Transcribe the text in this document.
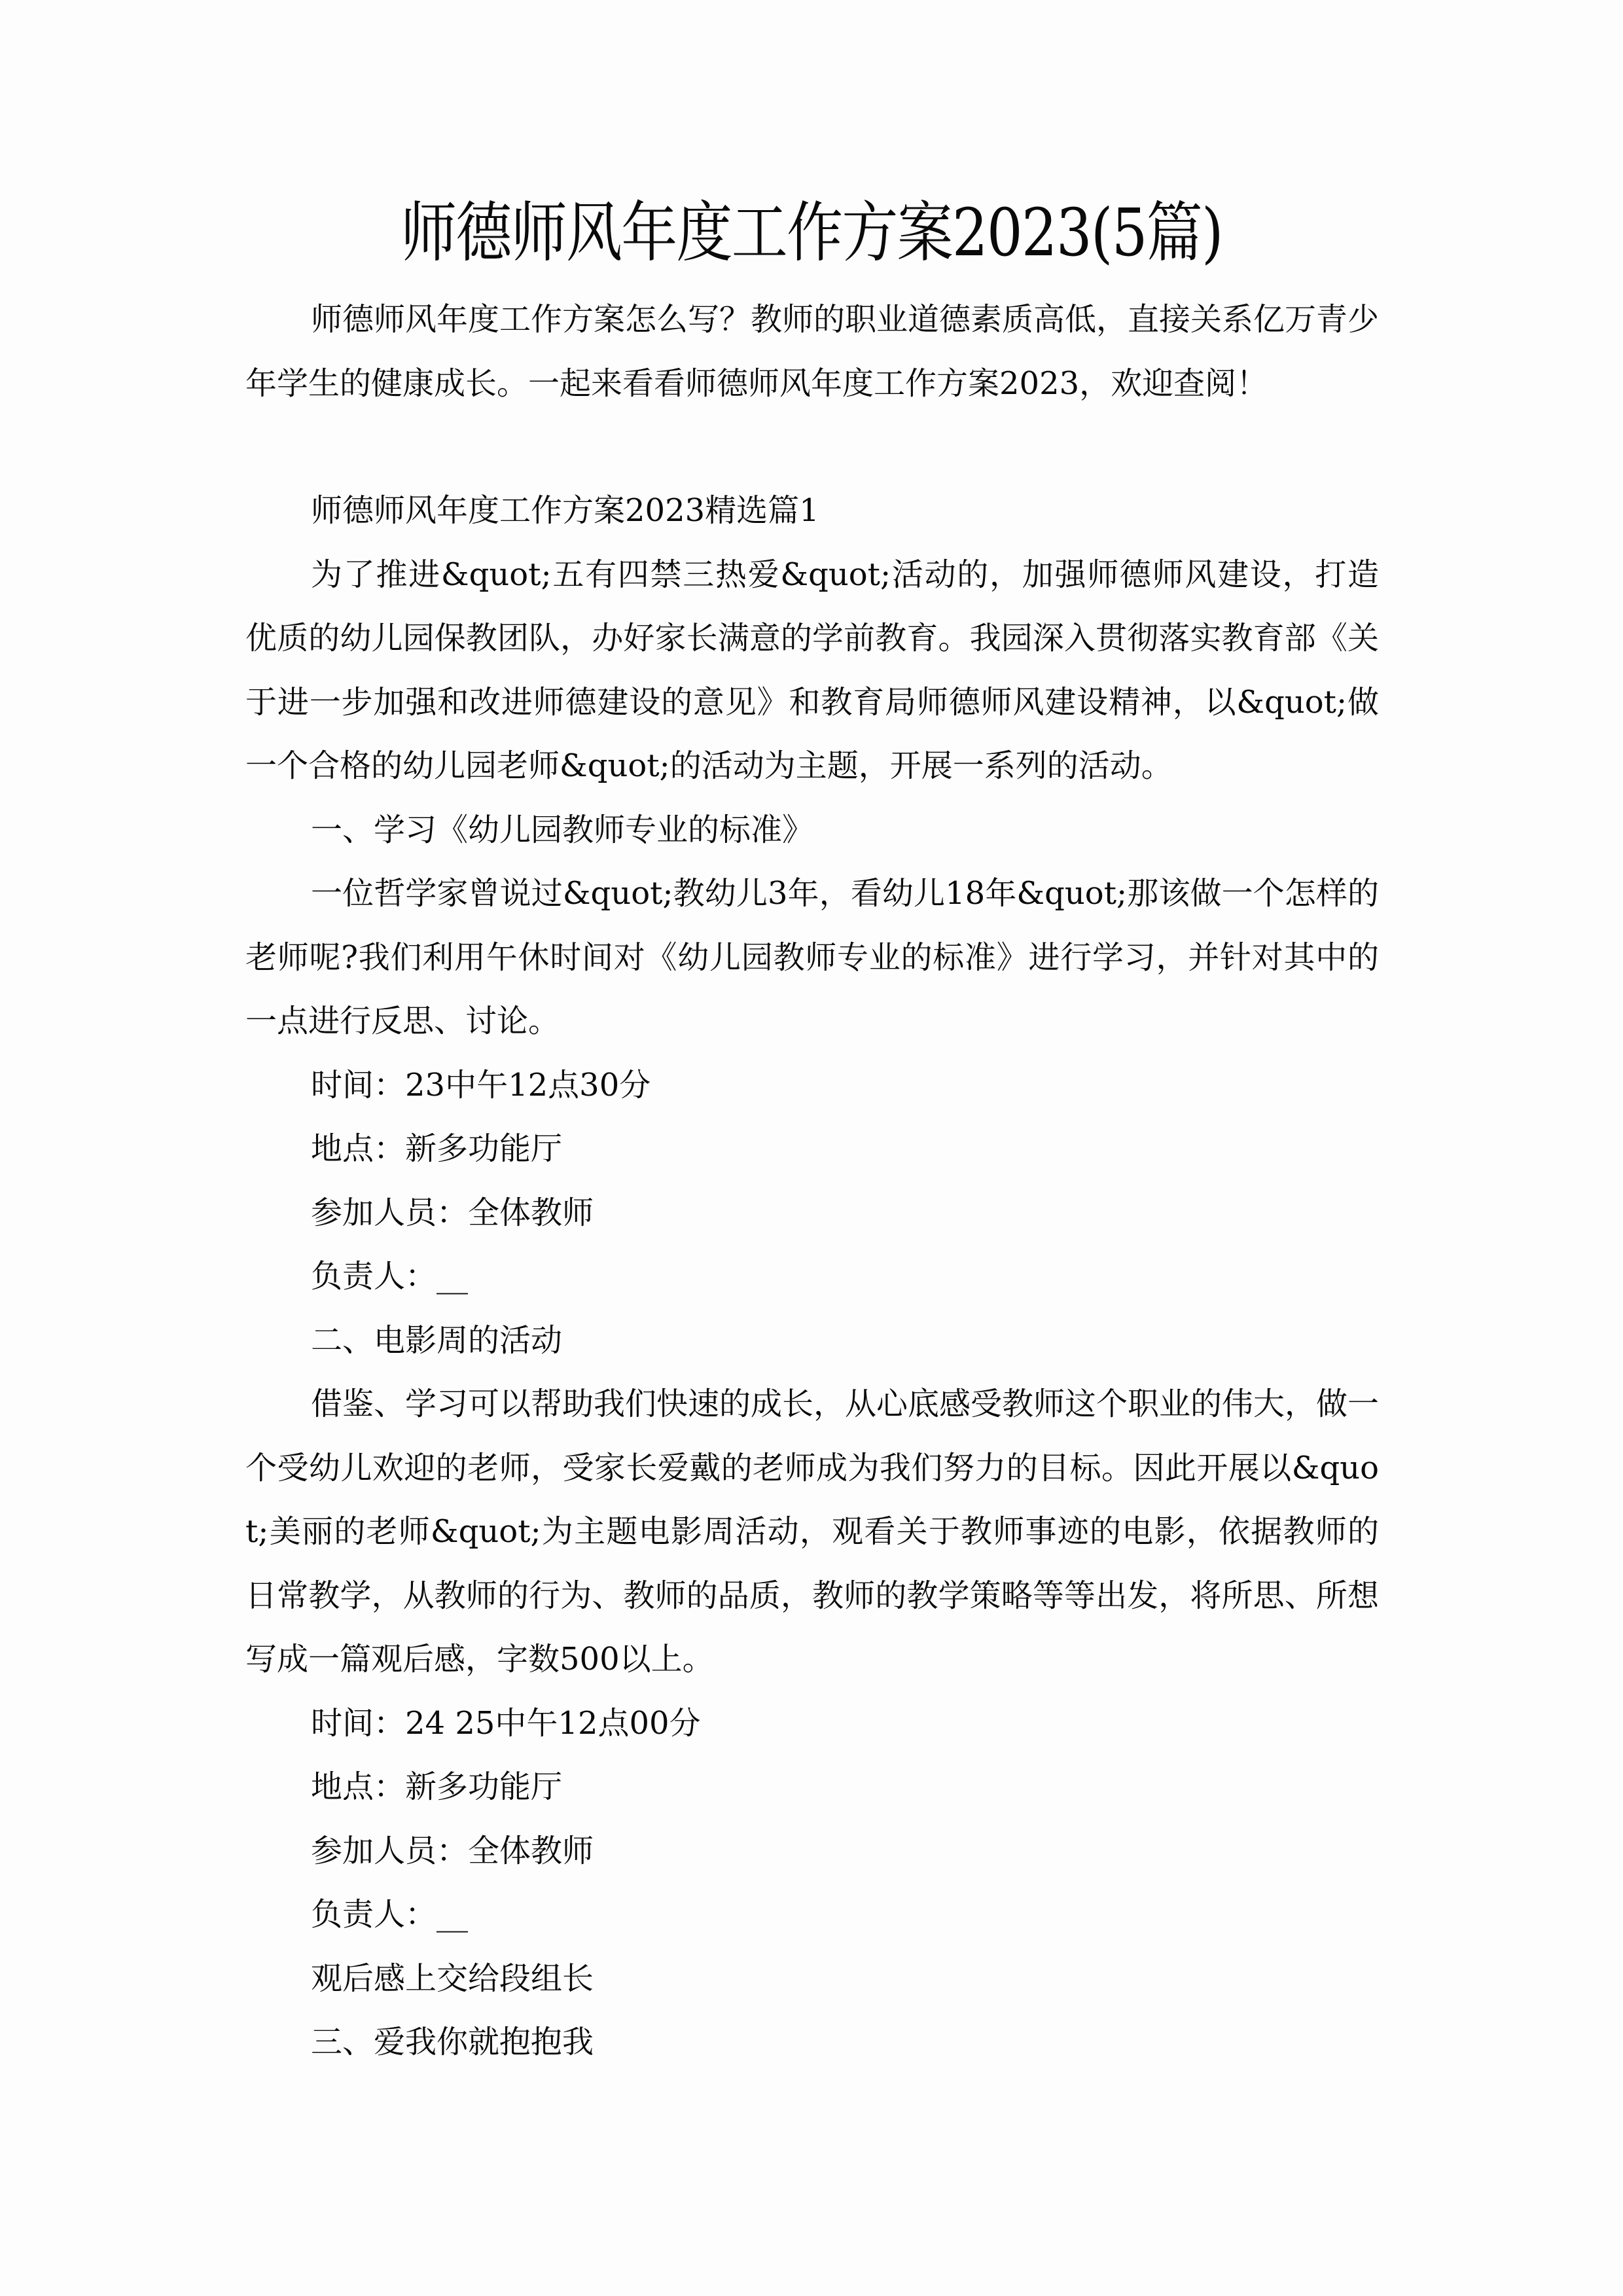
师德师风年度工作方案2023(5篇)

师德师风年度工作方案怎么写？教师的职业道德素质高低，直接关系亿万青少年学生的健康成长。一起来看看师德师风年度工作方案2023，欢迎查阅！

师德师风年度工作方案2023精选篇1

为了推进&quot;五有四禁三热爱&quot;活动的，加强师德师风建设，打造优质的幼儿园保教团队，办好家长满意的学前教育。我园深入贯彻落实教育部《关于进一步加强和改进师德建设的意见》和教育局师德师风建设精神，以&quot;做一个合格的幼儿园老师&quot;的活动为主题，开展一系列的活动。

一、学习《幼儿园教师专业的标准》

一位哲学家曾说过&quot;教幼儿3年，看幼儿18年&quot;那该做一个怎样的老师呢?我们利用午休时间对《幼儿园教师专业的标准》进行学习，并针对其中的一点进行反思、讨论。

时间：23中午12点30分

地点：新多功能厅

参加人员：全体教师

负责人：__

二、电影周的活动

借鉴、学习可以帮助我们快速的成长，从心底感受教师这个职业的伟大，做一个受幼儿欢迎的老师，受家长爱戴的老师成为我们努力的目标。因此开展以&quot;美丽的老师&quot;为主题电影周活动，观看关于教师事迹的电影，依据教师的日常教学，从教师的行为、教师的品质，教师的教学策略等等出发，将所思、所想写成一篇观后感，字数500以上。

时间：24 25中午12点00分

地点：新多功能厅

参加人员：全体教师

负责人：__

观后感上交给段组长

三、爱我你就抱抱我
